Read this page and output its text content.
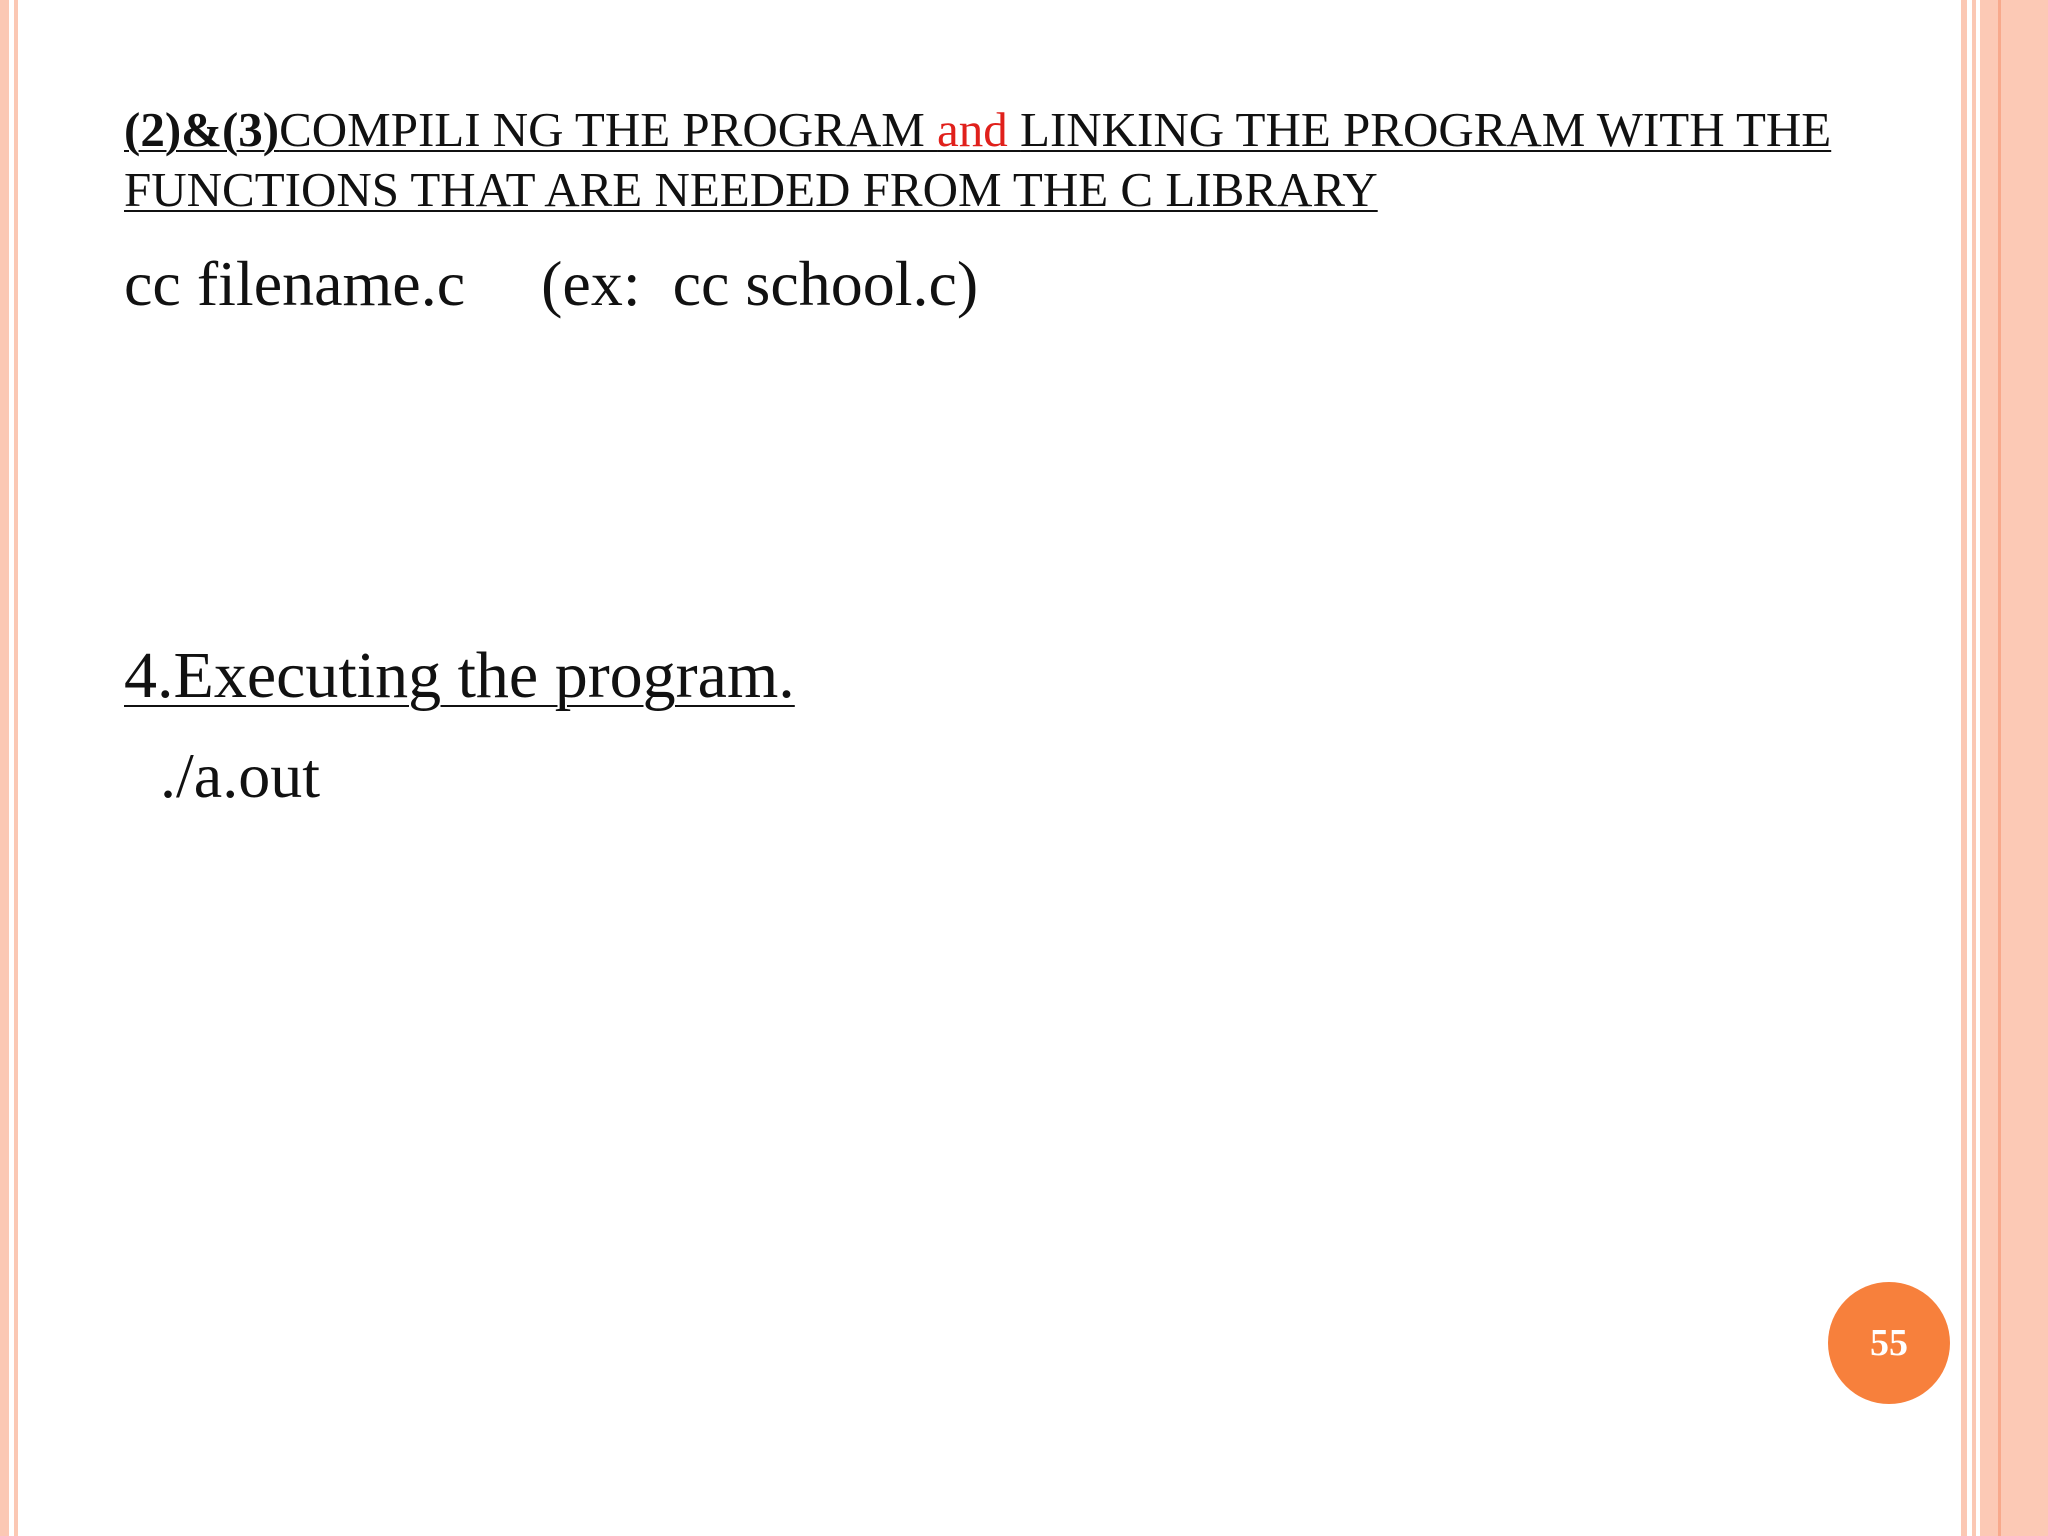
(2)&(3)COMPILI NG THE PROGRAM and LINKING THE PROGRAM WITH THE FUNCTIONS THAT ARE NEEDED FROM THE C LIBRARY
cc filename.c (ex:  cc school.c)
4.Executing the program.
./a.out
55
